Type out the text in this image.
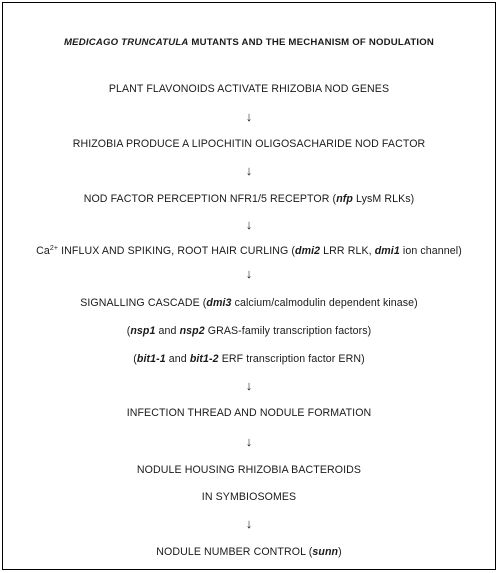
MEDICAGO TRUNCATULA MUTANTS AND THE MECHANISM OF NODULATION
PLANT FLAVONOIDS ACTIVATE RHIZOBIA NOD GENES
↓
RHIZOBIA PRODUCE A LIPOCHITIN OLIGOSACHARIDE NOD FACTOR
↓
NOD FACTOR PERCEPTION NFR1/5 RECEPTOR (nfp LysM RLKs)
↓
$Ca^{2+}$ INFLUX AND SPIKING, ROOT HAIR CURLING (dmi2 LRR RLK, dmi1 ion channel)
↓
SIGNALLING CASCADE (dmi3 calcium/calmodulin dependent kinase)
(nsp1 and nsp2 GRAS-family transcription factors)
(bit1-1 and bit1-2 ERF transcription factor ERN)
↓
INFECTION THREAD AND NODULE FORMATION
↓
NODULE HOUSING RHIZOBIA BACTEROIDS
IN SYMBIOSOMES
↓
NODULE NUMBER CONTROL (sunn)
